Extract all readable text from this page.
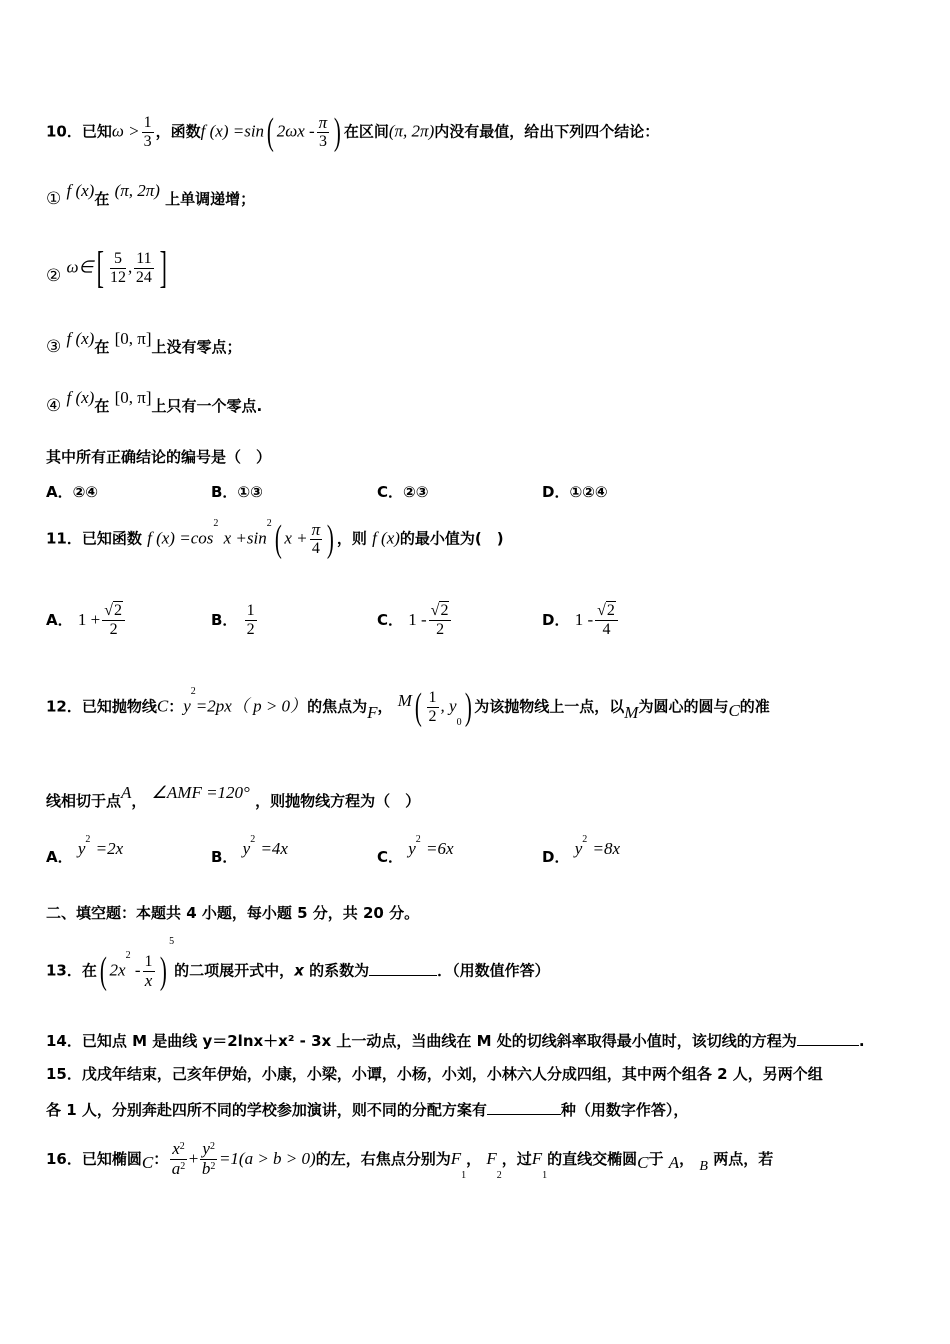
10．已知$\omega > \frac{1}{3}$ ，函数f (x) =sin( $2\omega x - \frac{\pi}{3}$ ) 在区间(π, 2π)内没有最值，给出下列四个结论：
① f (x)在 (π, 2π) 上单调递增；
② ω∈[ $\frac{5}{12}$ , $\frac{11}{24}$ ]
③ f (x)在 [0, π]上没有零点；
④ f (x)在 [0, π]上只有一个零点.
其中所有正确结论的编号是（　）
A．②④	B．①③	C．②③	D．①②④
11．已知函数 f $(x) =\cos^2$ $x +\sin^2$( $x + \frac{\pi}{4}$ ) ，则 f (x)的最小值为(　)
A． $1 + \frac{√2}{2}$	B． $\frac{1}{2}$	C． $1 - \frac{√2}{2}$	D． $1 - \frac{√2}{4}$
12．已知抛物线C：$y^2=2px$（ p > 0）的焦点为F， $M( \frac{1}{2}$ , y0) 为该抛物线上一点，以M为圆心的圆与C的准
线相切于点A， ∠AMF =120° ，则抛物线方程为（　）
A． $y^2 =2x$	B． $y^2 =4x$	C． $y^2 =6x$	D． $y^2 =8x$
二、填空题：本题共 4 小题，每小题 5 分，共 20 分。
13．在( $2x^2 - \frac{1}{x} )^5$的二项展开式中，x 的系数为	．（用数值作答）
14．已知点 M 是曲线 y＝2lnx＋x² - 3x 上一动点，当曲线在 M 处的切线斜率取得最小值时，该切线的方程为	.
15．戊戌年结束，己亥年伊始，小康，小梁，小谭，小杨，小刘，小林六人分成四组，其中两个组各 2 人，另两个组
各 1 人，分别奔赴四所不同的学校参加演讲，则不同的分配方案有	种（用数字作答），
16．已知椭圆C： $\frac{x^2}{a^2} + \frac{y^2}{b^2} =1(a > b > 0)$的左，右焦点分别为F1， F2，过F1的直线交椭圆C于 A， B 两点，若
